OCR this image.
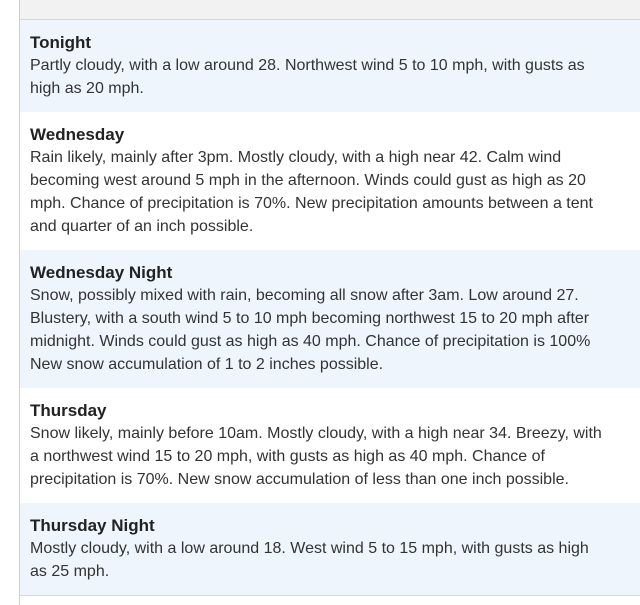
Tonight
Partly cloudy, with a low around 28. Northwest wind 5 to 10 mph, with gusts as
high as 20 mph.
Wednesday
Rain likely, mainly after 3pm. Mostly cloudy, with a high near 42. Calm wind
becoming west around 5 mph in the afternoon. Winds could gust as high as 20
mph. Chance of precipitation is 70%. New precipitation amounts between a tent
and quarter of an inch possible.
Wednesday Night
Snow, possibly mixed with rain, becoming all snow after 3am. Low around 27.
Blustery, with a south wind 5 to 10 mph becoming northwest 15 to 20 mph after
midnight. Winds could gust as high as 40 mph. Chance of precipitation is 100%
New snow accumulation of 1 to 2 inches possible.
Thursday
Snow likely, mainly before 10am. Mostly cloudy, with a high near 34. Breezy, with
a northwest wind 15 to 20 mph, with gusts as high as 40 mph. Chance of
precipitation is 70%. New snow accumulation of less than one inch possible.
Thursday Night
Mostly cloudy, with a low around 18. West wind 5 to 15 mph, with gusts as high
as 25 mph.
